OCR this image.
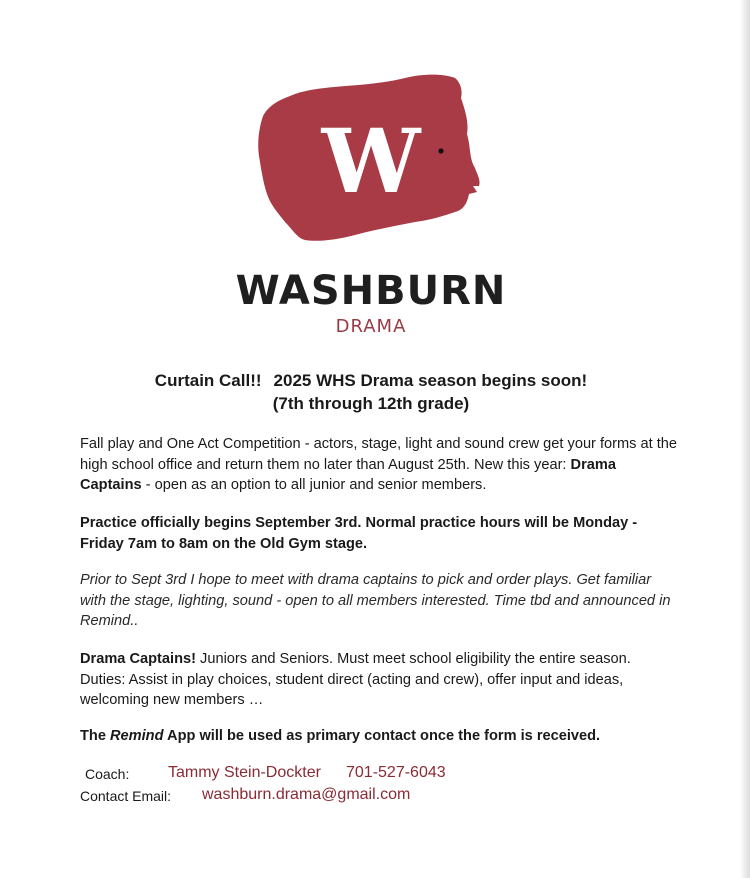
W
WASHBURN
DRAMA
Curtain Call!! 2025 WHS Drama season begins soon!
(7th through 12th grade)
Fall play and One Act Competition - actors, stage, light and sound crew get your forms at the high school office and return them no later than August 25th. New this year: Drama Captains - open as an option to all junior and senior members.
Practice officially begins September 3rd. Normal practice hours will be Monday - Friday 7am to 8am on the Old Gym stage.
Prior to Sept 3rd I hope to meet with drama captains to pick and order plays. Get familiar with the stage, lighting, sound - open to all members interested. Time tbd and announced in Remind..
Drama Captains! Juniors and Seniors. Must meet school eligibility the entire season. Duties: Assist in play choices, student direct (acting and crew), offer input and ideas, welcoming new members …
The Remind App will be used as primary contact once the form is received.
Coach: Tammy Stein-Dockter 701-527-6043
Contact Email: washburn.drama@gmail.com
